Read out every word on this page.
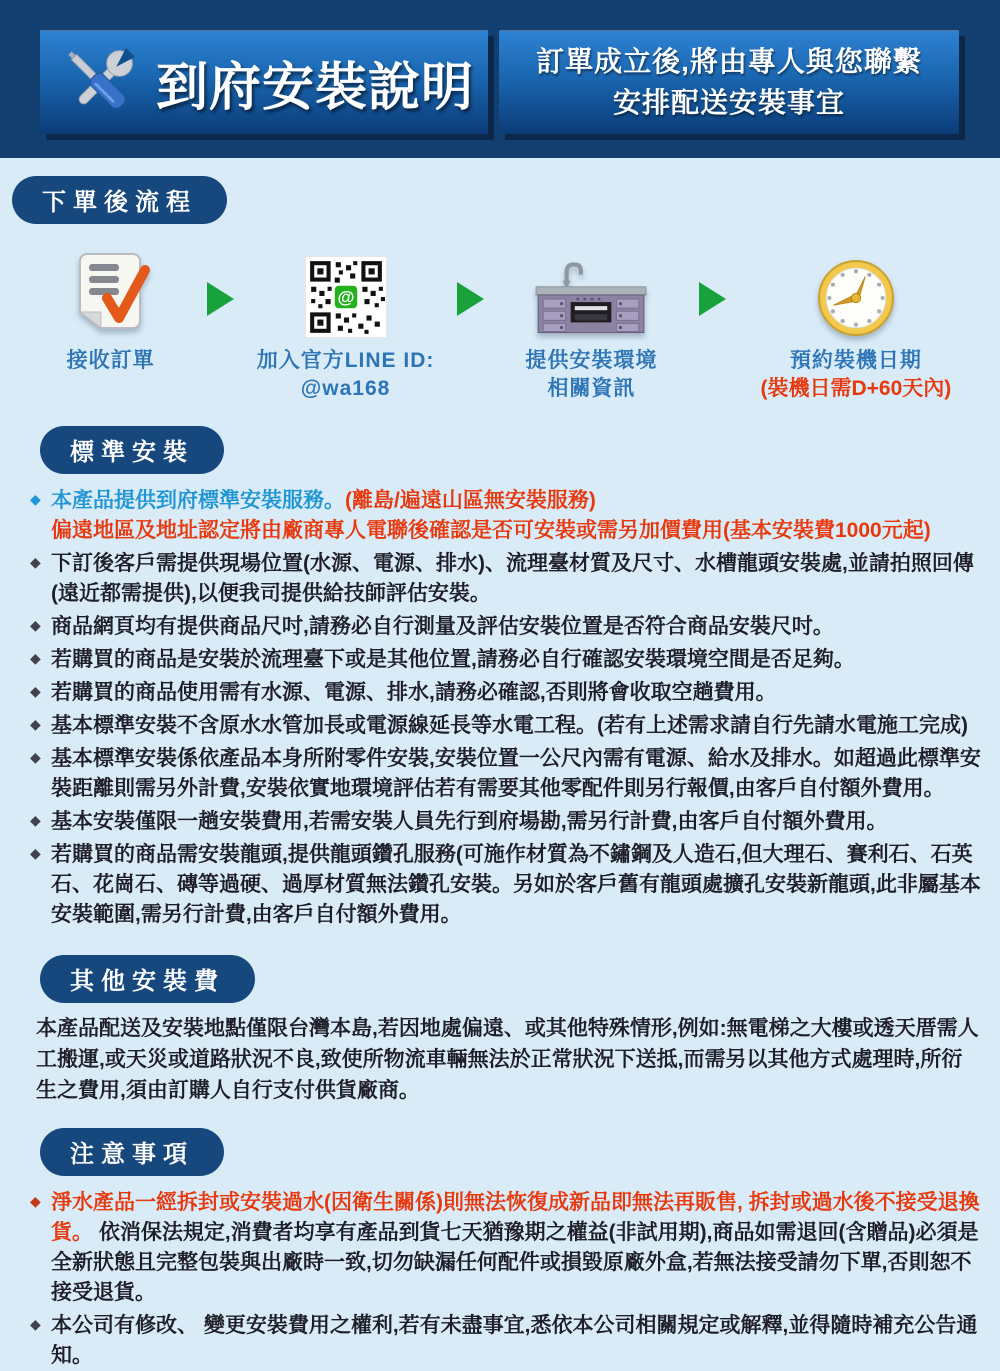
到府安裝說明 訂單成立後,將由專人與您聯繫
安排配送安裝事宜
下單後流程
接收訂單
@
加入官方LINE ID:
@wa168
提供安裝環境
相關資訊
預約裝機日期
(裝機日需D+60天內)
標準安裝
◆ 本產品提供到府標準安裝服務。(離島/遍遠山區無安裝服務)
偏遠地區及地址認定將由廠商專人電聯後確認是否可安裝或需另加價費用(基本安裝費1000元起)
◆ 下訂後客戶需提供現場位置(水源、電源、排水)、流理臺材質及尺寸、水槽龍頭安裝處,並請拍照回傳(遠近都需提供),以便我司提供給技師評估安裝。
◆ 商品網頁均有提供商品尺吋,請務必自行測量及評估安裝位置是否符合商品安裝尺吋。
◆ 若購買的商品是安裝於流理臺下或是其他位置,請務必自行確認安裝環境空間是否足夠。
◆ 若購買的商品使用需有水源、電源、排水,請務必確認,否則將會收取空趟費用。
◆ 基本標準安裝不含原水水管加長或電源線延長等水電工程。(若有上述需求請自行先請水電施工完成)
◆ 基本標準安裝係依產品本身所附零件安裝,安裝位置一公尺內需有電源、給水及排水。如超過此標準安裝距離則需另外計費,安裝依實地環境評估若有需要其他零配件則另行報價,由客戶自付額外費用。
◆ 基本安裝僅限一趟安裝費用,若需安裝人員先行到府場勘,需另行計費,由客戶自付額外費用。
◆ 若購買的商品需安裝龍頭,提供龍頭鑽孔服務(可施作材質為不鏽鋼及人造石,但大理石、賽利石、石英石、花崗石、磚等過硬、過厚材質無法鑽孔安裝。另如於客戶舊有龍頭處擴孔安裝新龍頭,此非屬基本安裝範圍,需另行計費,由客戶自付額外費用。
其他安裝費
本產品配送及安裝地點僅限台灣本島,若因地處偏遠、或其他特殊情形,例如:無電梯之大樓或透天厝需人工搬運,或天災或道路狀況不良,致使所物流車輛無法於正常狀況下送抵,而需另以其他方式處理時,所衍生之費用,須由訂購人自行支付供貨廠商。
注意事項
◆ 淨水產品一經拆封或安裝過水(因衛生關係)則無法恢復成新品即無法再販售, 拆封或過水後不接受退換貨。 依消保法規定,消費者均享有產品到貨七天猶豫期之權益(非試用期),商品如需退回(含贈品)必須是全新狀態且完整包裝與出廠時一致,切勿缺漏任何配件或損毀原廠外盒,若無法接受請勿下單,否則恕不接受退貨。
◆ 本公司有修改、 變更安裝費用之權利,若有未盡事宜,悉依本公司相關規定或解釋,並得隨時補充公告通知。
